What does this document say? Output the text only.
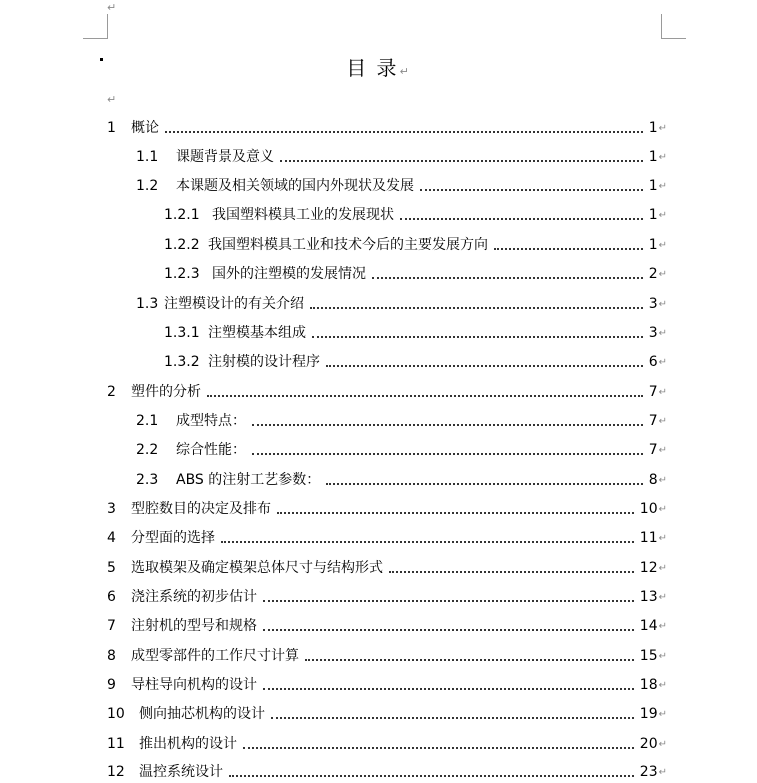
↵
目 录↵
↵
1	概论	1 ↵
1.1	课题背景及意义	1 ↵
1.2	本课题及相关领域的国内外现状及发展	1 ↵
1.2.1 我国塑料模具工业的发展现状	1 ↵
1.2.2 我国塑料模具工业和技术今后的主要发展方向	1 ↵
1.2.3 国外的注塑模的发展情况	2 ↵
1.3 注塑模设计的有关介绍	3 ↵
1.3.1 注塑模基本组成	3 ↵
1.3.2 注射模的设计程序	6 ↵
2	塑件的分析	7 ↵
2.1	成型特点：	7 ↵
2.2	综合性能：	7 ↵
2.3	ABS 的注射工艺参数：	8 ↵
3	型腔数目的决定及排布	10 ↵
4	分型面的选择	11 ↵
5	选取模架及确定模架总体尺寸与结构形式	12 ↵
6	浇注系统的初步估计	13 ↵
7	注射机的型号和规格	14 ↵
8	成型零部件的工作尺寸计算	15 ↵
9	导柱导向机构的设计	18 ↵
10	侧向抽芯机构的设计	19 ↵
11	推出机构的设计	20 ↵
12	温控系统设计	23 ↵
